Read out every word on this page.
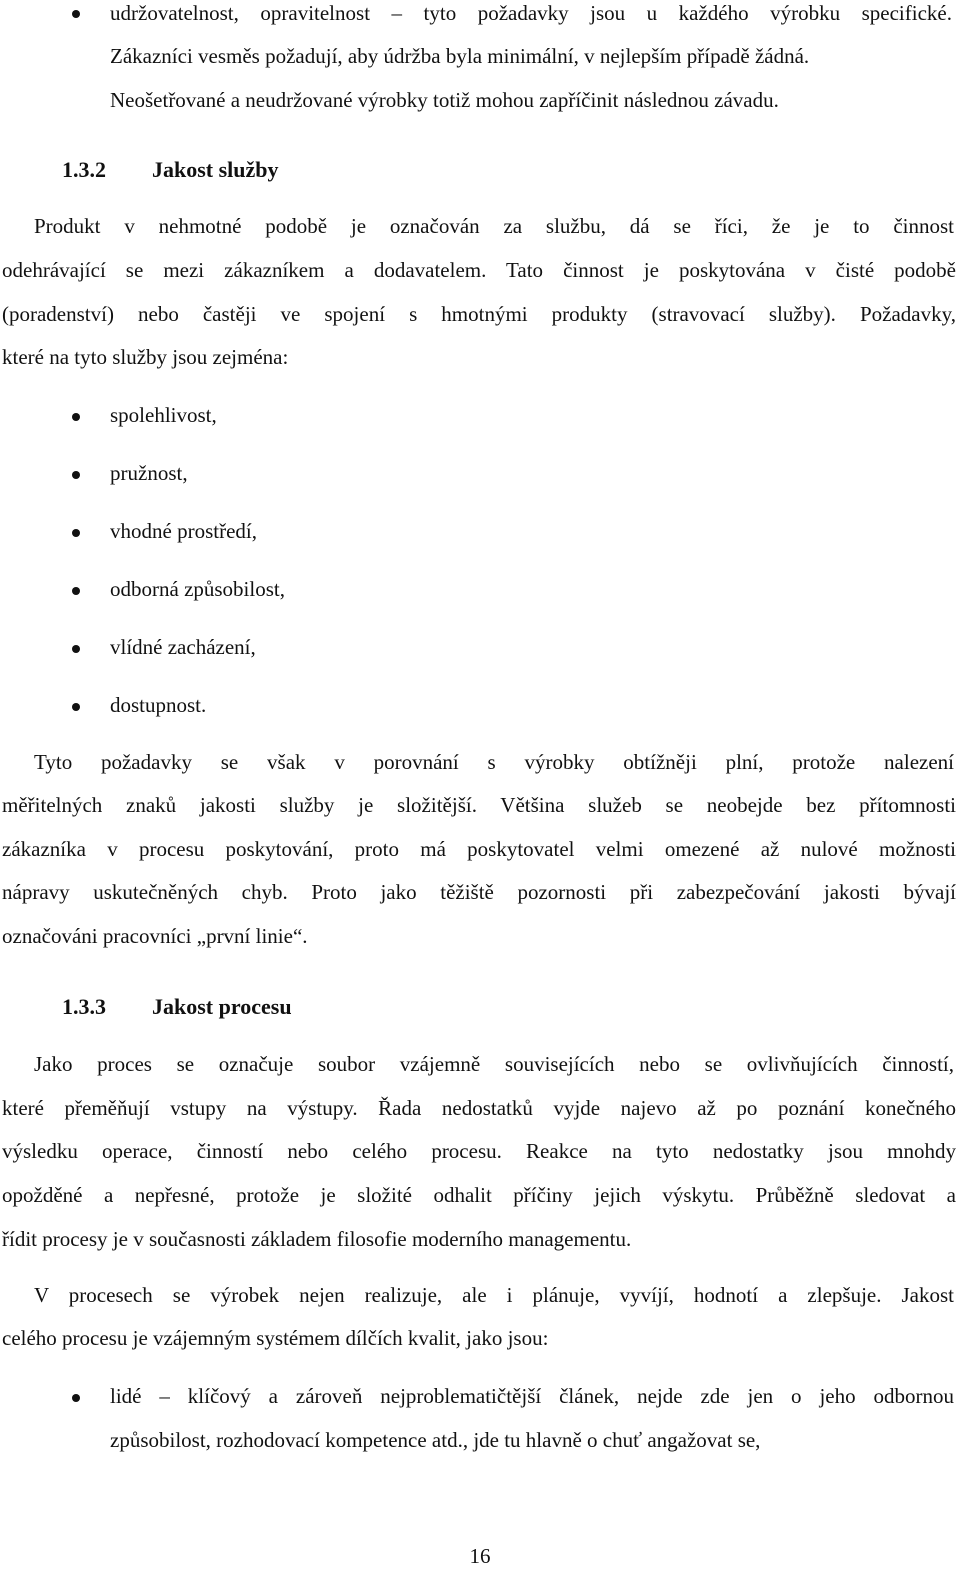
udržovatelnost, opravitelnost – tyto požadavky jsou u každého výrobku specifické.
Zákazníci vesměs požadují, aby údržba byla minimální, v nejlepším případě žádná.
Neošetřované a neudržované výrobky totiž mohou zapříčinit následnou závadu.
1.3.2 Jakost služby
Produkt v nehmotné podobě je označován za službu, dá se říci, že je to činnost
odehrávající se mezi zákazníkem a dodavatelem. Tato činnost je poskytována v čisté podobě
(poradenství) nebo častěji ve spojení s hmotnými produkty (stravovací služby). Požadavky,
které na tyto služby jsou zejména:
spolehlivost,
pružnost,
vhodné prostředí,
odborná způsobilost,
vlídné zacházení,
dostupnost.
Tyto požadavky se však v porovnání s výrobky obtížněji plní, protože nalezení
měřitelných znaků jakosti služby je složitější. Většina služeb se neobejde bez přítomnosti
zákazníka v procesu poskytování, proto má poskytovatel velmi omezené až nulové možnosti
nápravy uskutečněných chyb. Proto jako těžiště pozornosti při zabezpečování jakosti bývají
označováni pracovníci „první linie“.
1.3.3 Jakost procesu
Jako proces se označuje soubor vzájemně souvisejících nebo se ovlivňujících činností,
které přeměňují vstupy na výstupy. Řada nedostatků vyjde najevo až po poznání konečného
výsledku operace, činností nebo celého procesu. Reakce na tyto nedostatky jsou mnohdy
opožděné a nepřesné, protože je složité odhalit příčiny jejich výskytu. Průběžně sledovat a
řídit procesy je v současnosti základem filosofie moderního managementu.
V procesech se výrobek nejen realizuje, ale i plánuje, vyvíjí, hodnotí a zlepšuje. Jakost
celého procesu je vzájemným systémem dílčích kvalit, jako jsou:
lidé – klíčový a zároveň nejproblematičtější článek, nejde zde jen o jeho odbornou
způsobilost, rozhodovací kompetence atd., jde tu hlavně o chuť angažovat se,
16
